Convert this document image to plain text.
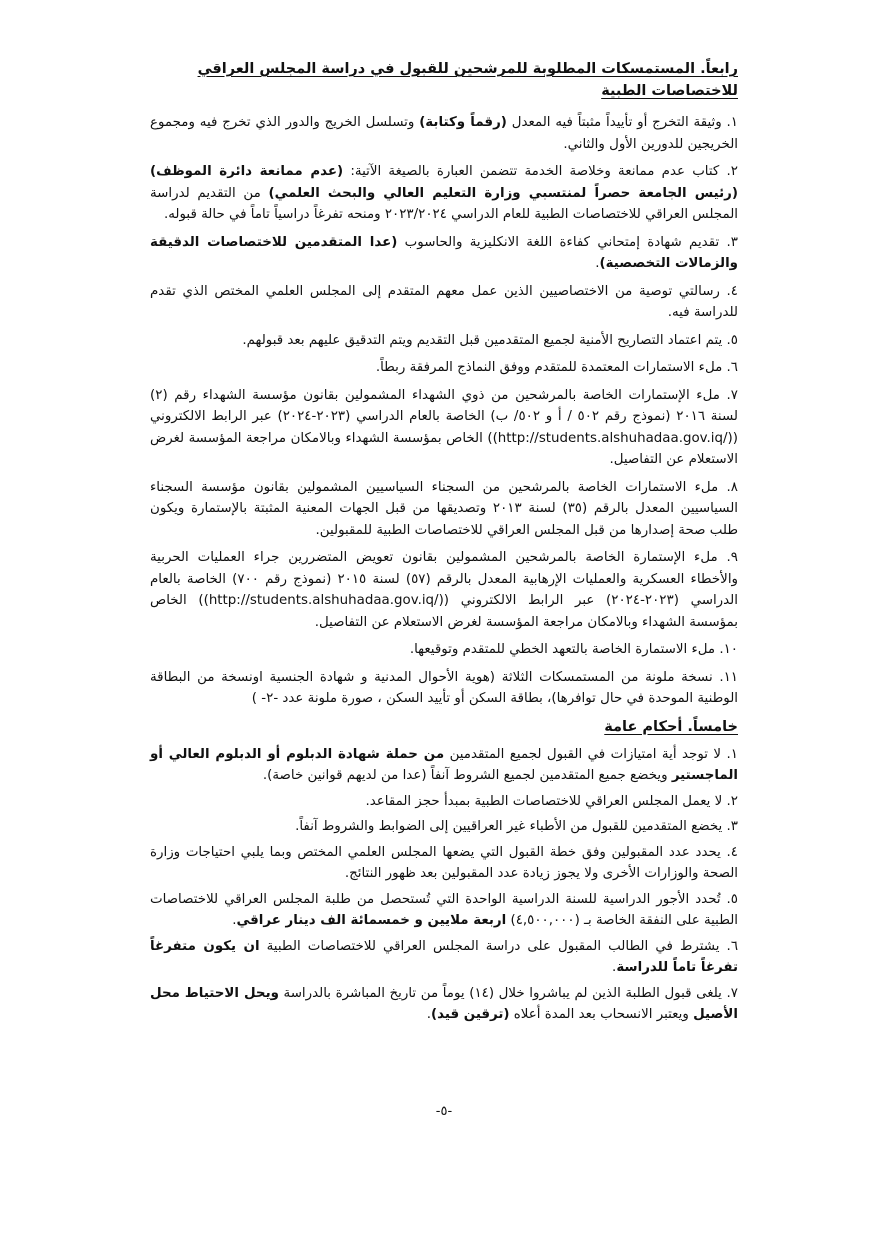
رابعاً. المستمسكات المطلوبة للمرشحين للقبول في دراسة المجلس العراقي للاختصاصات الطبية
١. وثيقة التخرج أو تأييداً مثبتاً فيه المعدل (رقماً وكتابة) وتسلسل الخريج والدور الذي تخرج فيه ومجموع الخريجين للدورين الأول والثاني.
٢. كتاب عدم ممانعة وخلاصة الخدمة تتضمن العبارة بالصيغة الآتية: (عدم ممانعة دائرة الموظف) (رئيس الجامعة حصراً لمنتسبي وزارة التعليم العالي والبحث العلمي) من التقديم لدراسة المجلس العراقي للاختصاصات الطبية للعام الدراسي ٢٠٢٣/٢٠٢٤ ومنحه تفرغاً دراسياً تاماً في حالة قبوله.
٣. تقديم شهادة إمتحاني كفاءة اللغة الانكليزية والحاسوب (عدا المتقدمين للاختصاصات الدقيقة والزمالات التخصصية).
٤. رسالتي توصية من الاختصاصيين الذين عمل معهم المتقدم إلى المجلس العلمي المختص الذي تقدم للدراسة فيه.
٥. يتم اعتماد التصاريح الأمنية لجميع المتقدمين قبل التقديم ويتم التدقيق عليهم بعد قبولهم.
٦. ملء الاستمارات المعتمدة للمتقدم ووفق النماذج المرفقة ربطاً.
٧. ملء الإستمارات الخاصة بالمرشحين من ذوي الشهداء المشمولين بقانون مؤسسة الشهداء رقم (٢) لسنة ٢٠١٦ (نموذج رقم ٥٠٢ / أ و ٥٠٢/ ب) الخاصة بالعام الدراسي (٢٠٢٣-٢٠٢٤) عبر الرابط الالكتروني ((http://students.alshuhadaa.gov.iq/)) الخاص بمؤسسة الشهداء وبالامكان مراجعة المؤسسة لغرض الاستعلام عن التفاصيل.
٨. ملء الاستمارات الخاصة بالمرشحين من السجناء السياسيين المشمولين بقانون مؤسسة السجناء السياسيين المعدل بالرقم (٣٥) لسنة ٢٠١٣ وتصديقها من قبل الجهات المعنية المثبتة بالإستمارة ويكون طلب صحة إصدارها من قبل المجلس العراقي للاختصاصات الطبية للمقبولين.
٩. ملء الإستمارة الخاصة بالمرشحين المشمولين بقانون تعويض المتضررين جراء العمليات الحربية والأخطاء العسكرية والعمليات الإرهابية المعدل بالرقم (٥٧) لسنة ٢٠١٥ (نموذج رقم ٧٠٠) الخاصة بالعام الدراسي (٢٠٢٣-٢٠٢٤) عبر الرابط الالكتروني ((http://students.alshuhadaa.gov.iq/)) الخاص بمؤسسة الشهداء وبالامكان مراجعة المؤسسة لغرض الاستعلام عن التفاصيل.
١٠. ملء الاستمارة الخاصة بالتعهد الخطي للمتقدم وتوقيعها.
١١. نسخة ملونة من المستمسكات الثلاثة (هوية الأحوال المدنية و شهادة الجنسية اونسخة من البطاقة الوطنية الموحدة في حال توافرها)، بطاقة السكن أو تأييد السكن ، صورة ملونة عدد -٢- )
خامساً. أحكام عامة
١. لا توجد أية امتيازات في القبول لجميع المتقدمين من حملة شهادة الدبلوم أو الدبلوم العالي أو الماجستير ويخضع جميع المتقدمين لجميع الشروط آنفاً (عدا من لديهم قوانين خاصة).
٢. لا يعمل المجلس العراقي للاختصاصات الطبية بمبدأ حجز المقاعد.
٣. يخضع المتقدمين للقبول من الأطباء غير العراقيين إلى الضوابط والشروط آنفاً.
٤. يحدد عدد المقبولين وفق خطة القبول التي يضعها المجلس العلمي المختص وبما يلبي احتياجات وزارة الصحة والوزارات الأخرى ولا يجوز زيادة عدد المقبولين بعد ظهور النتائج.
٥. تُحدد الأجور الدراسية للسنة الدراسية الواحدة التي تُستحصل من طلبة المجلس العراقي للاختصاصات الطبية على النفقة الخاصة بـ (٤,٥٠٠,٠٠٠) اربعة ملايين و خمسمائة الف دينار عراقي.
٦. يشترط في الطالب المقبول على دراسة المجلس العراقي للاختصاصات الطبية ان يكون متفرغاً تفرغاً تاماً للدراسة.
٧. يلغى قبول الطلبة الذين لم يباشروا خلال (١٤) يوماً من تاريخ المباشرة بالدراسة ويحل الاحتياط محل الأصيل ويعتبر الانسحاب بعد المدة أعلاه (ترقين قيد).
-٥-
